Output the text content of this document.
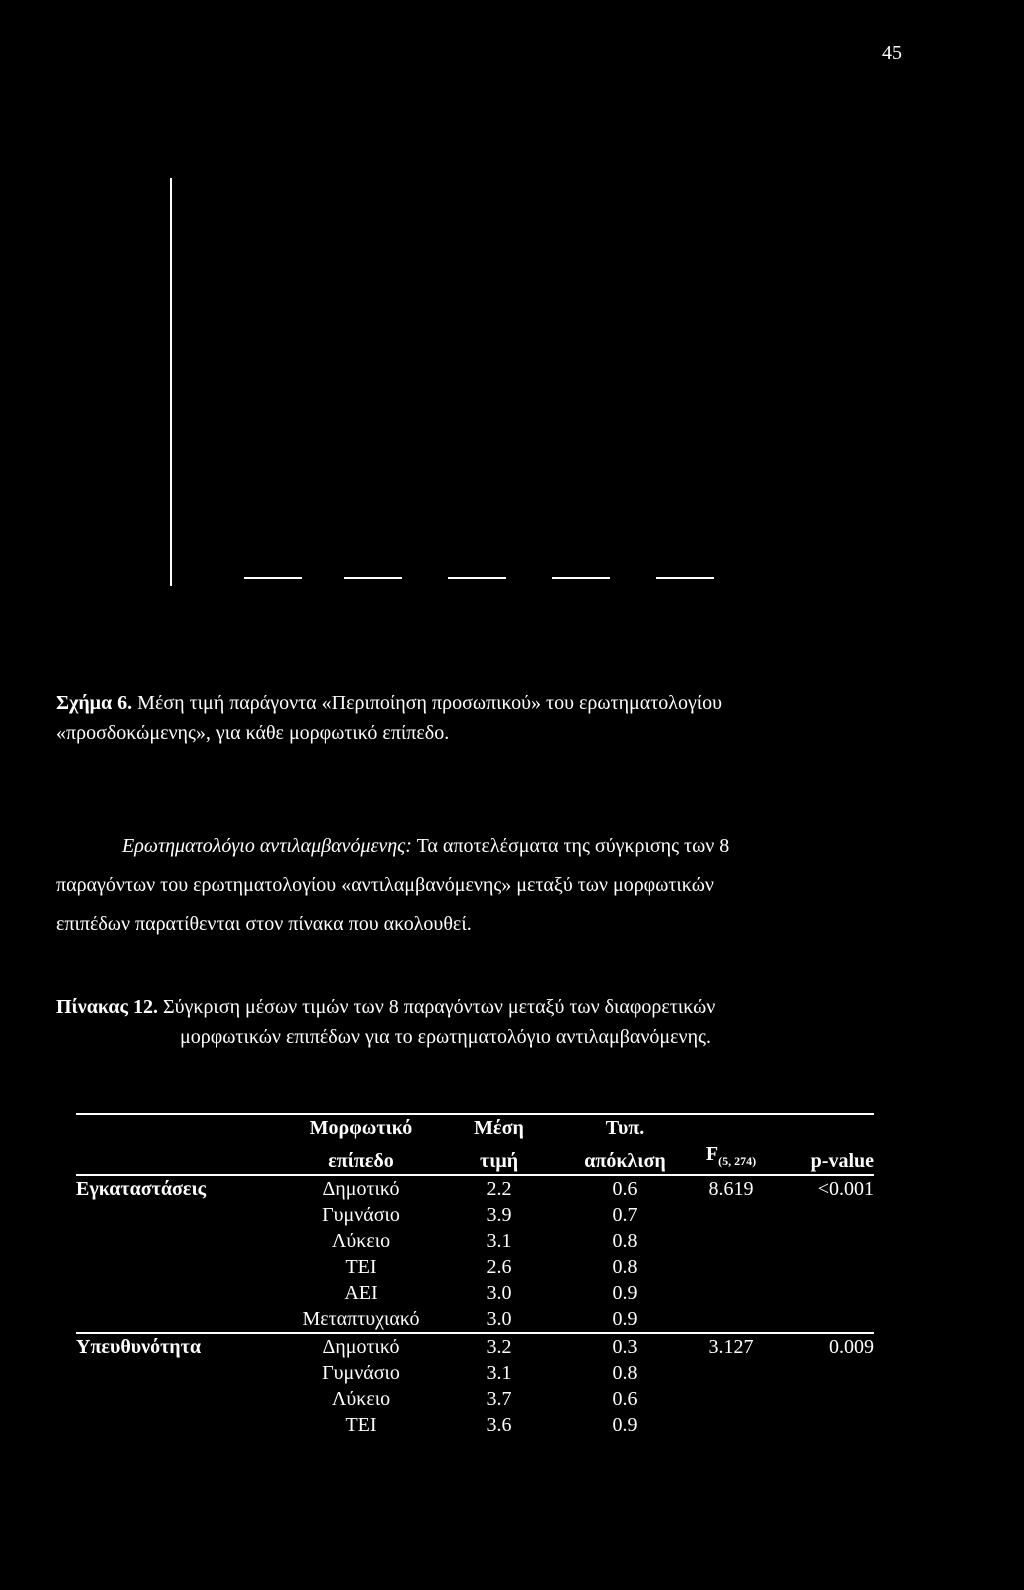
45
Σχήμα 6. Μέση τιμή παράγοντα «Περιποίηση προσωπικού» του ερωτηματολογίου
«προσδοκώμενης», για κάθε μορφωτικό επίπεδο.
Ερωτηματολόγιο αντιλαμβανόμενης: Τα αποτελέσματα της σύγκρισης των 8
παραγόντων του ερωτηματολογίου «αντιλαμβανόμενης» μεταξύ των μορφωτικών
επιπέδων παρατίθενται στον πίνακα που ακολουθεί.
Πίνακας 12. Σύγκριση μέσων τιμών των 8 παραγόντων μεταξύ των διαφορετικών
μορφωτικών επιπέδων για το ερωτηματολόγιο αντιλαμβανόμενης.
	Μορφωτικό	Μέση	Τυπ.		
	επίπεδο	τιμή	απόκλιση	$F_{(5, 274)}$	p-value
Εγκαταστάσεις	Δημοτικό	2.2	0.6	8.619	<0.001
	Γυμνάσιο	3.9	0.7		
	Λύκειο	3.1	0.8		
	ΤΕΙ	2.6	0.8		
	ΑΕΙ	3.0	0.9		
	Μεταπτυχιακό	3.0	0.9		
Υπευθυνότητα	Δημοτικό	3.2	0.3	3.127	0.009
	Γυμνάσιο	3.1	0.8		
	Λύκειο	3.7	0.6		
	ΤΕΙ	3.6	0.9		
